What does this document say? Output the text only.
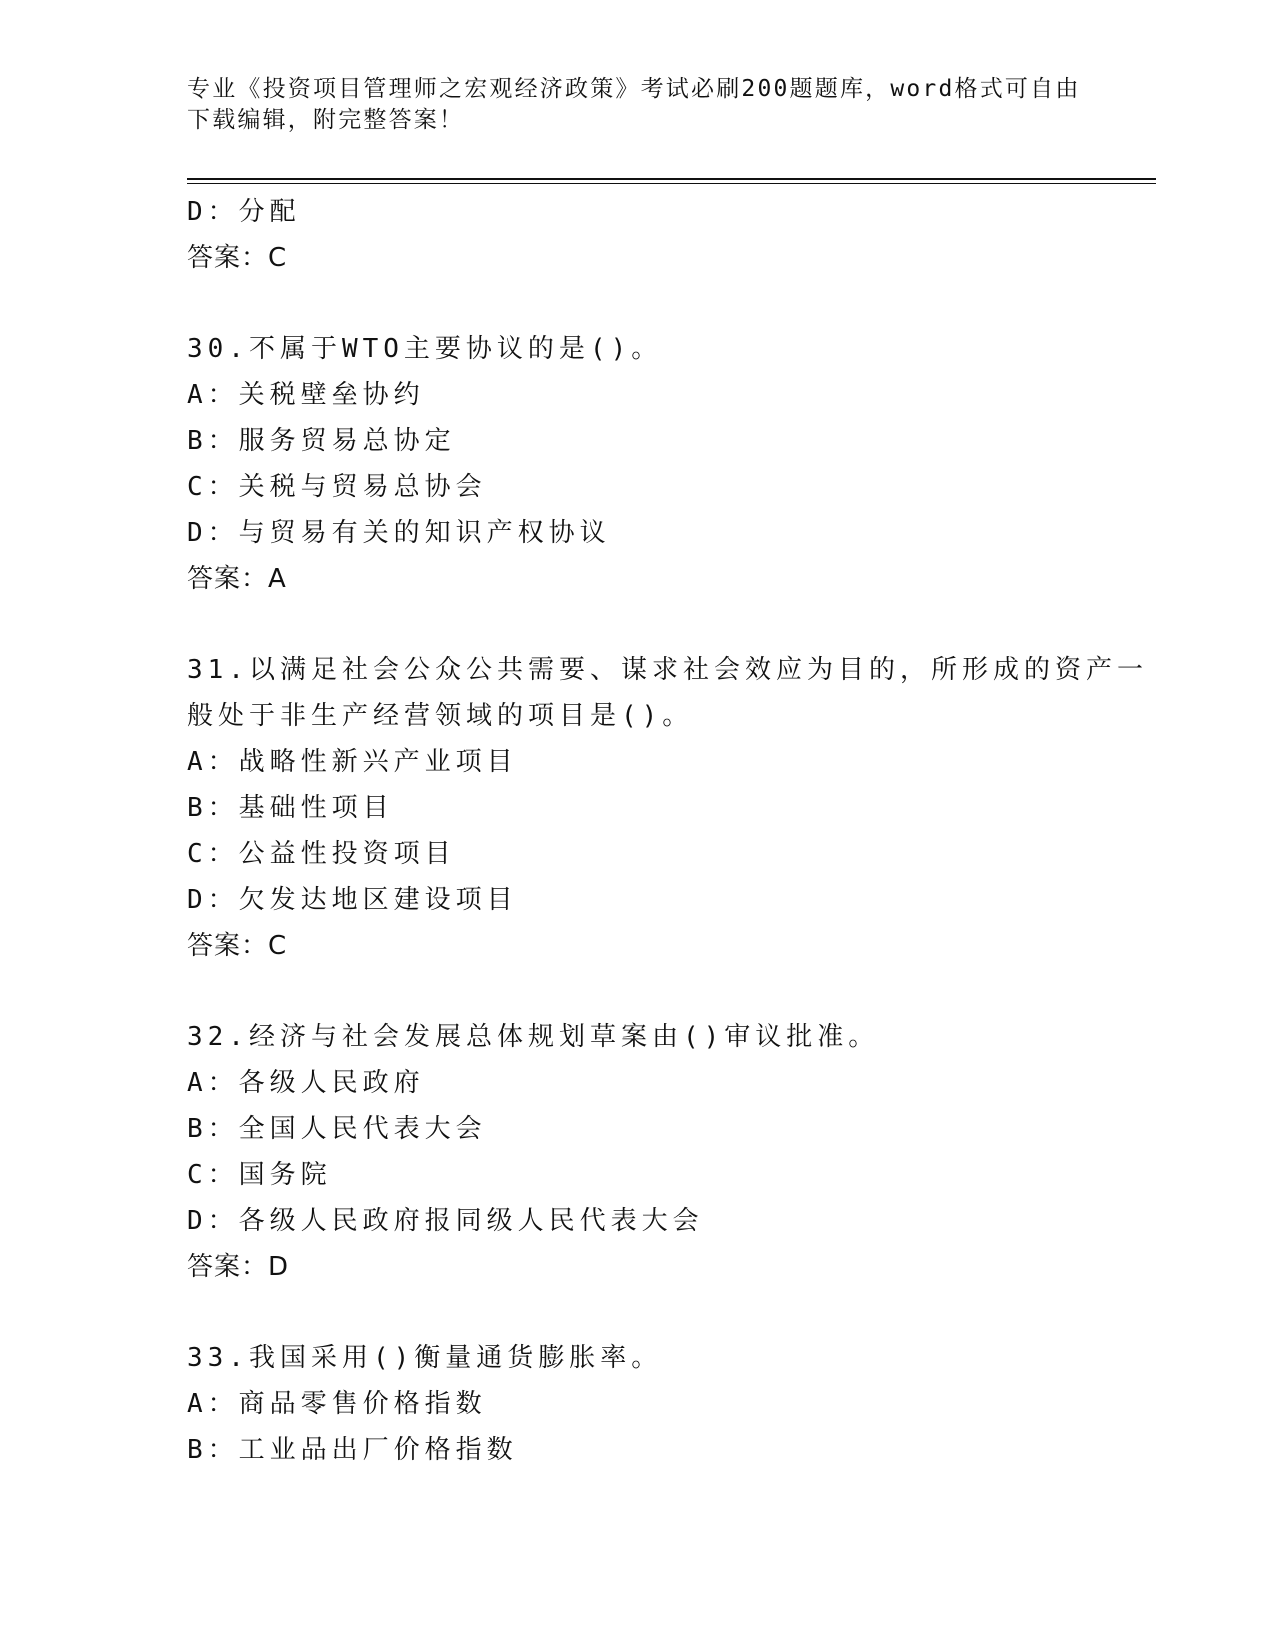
专业《投资项目管理师之宏观经济政策》考试必刷200题题库，word格式可自由
下载编辑，附完整答案！
D：分配
答案：C
30.不属于WTO主要协议的是()。
A：关税壁垒协约
B：服务贸易总协定
C：关税与贸易总协会
D：与贸易有关的知识产权协议
答案：A
31.以满足社会公众公共需要、谋求社会效应为目的，所形成的资产一
般处于非生产经营领域的项目是()。
A：战略性新兴产业项目
B：基础性项目
C：公益性投资项目
D：欠发达地区建设项目
答案：C
32.经济与社会发展总体规划草案由()审议批准。
A：各级人民政府
B：全国人民代表大会
C：国务院
D：各级人民政府报同级人民代表大会
答案：D
33.我国采用()衡量通货膨胀率。
A：商品零售价格指数
B：工业品出厂价格指数
